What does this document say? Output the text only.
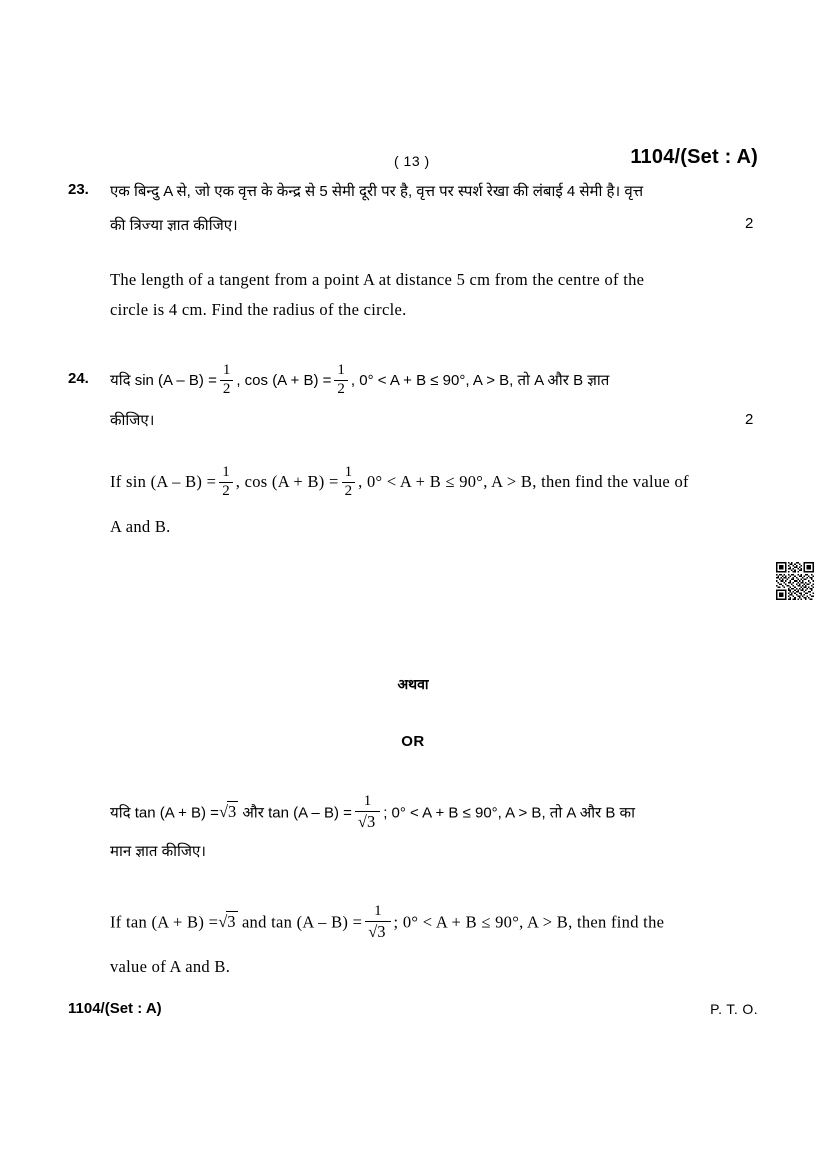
( 13 )	1104/(Set : A)
23. एक बिन्दु A से, जो एक वृत्त के केन्द्र से 5 सेमी दूरी पर है, वृत्त पर स्पर्श रेखा की लंबाई 4 सेमी है। वृत्त
की त्रिज्या ज्ञात कीजिए।	2
The length of a tangent from a point A at distance 5 cm from the centre of the
circle is 4 cm. Find the radius of the circle.
24. यदि $\sin (A - B) = \frac{1}{2}$ , $\cos (A + B) = \frac{1}{2}$ , 0° < A + B ≤ 90°, A > B, तो A और B ज्ञात
कीजिए।	2
If $\sin (A - B) = \frac{1}{2}$ , $\cos (A + B) = \frac{1}{2}$ , 0° < A + B ≤ 90°, A > B, then find the value of
A and B.
अथवा
OR
यदि tan (A + B) =√3 और $\tan (A - B) = \frac{1}{√3}$ ; 0° < A + B ≤ 90°, A > B, तो A और B का
मान ज्ञात कीजिए।
If tan (A + B) =√3 and $\tan (A - B) = \frac{1}{√3}$ ; 0° < A + B ≤ 90°, A > B, then find the
value of A and B.
1104/(Set : A)	P. T. O.
